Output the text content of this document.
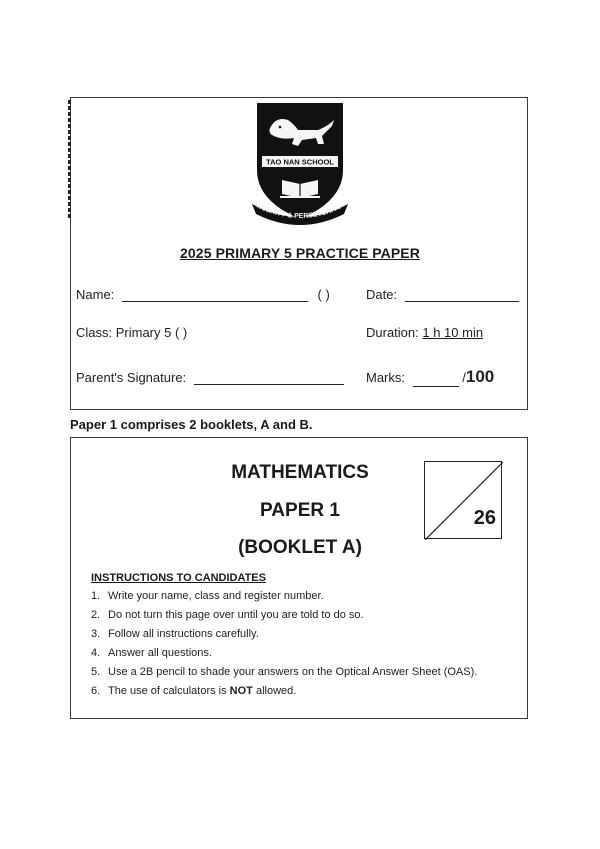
TAO NAN SCHOOL
NCERITY & PERSEVERAN
2025 PRIMARY 5 PRACTICE PAPER
Name:	( )	Date:
Class: Primary 5 ( )	Duration: 1 h 10 min
Parent's Signature:	Marks:	/100
Paper 1 comprises 2 booklets, A and B.
MATHEMATICS
PAPER 1
(BOOKLET A)
26
INSTRUCTIONS TO CANDIDATES
1. Write your name, class and register number.
2. Do not turn this page over until you are told to do so.
3. Follow all instructions carefully.
4. Answer all questions.
5. Use a 2B pencil to shade your answers on the Optical Answer Sheet (OAS).
6. The use of calculators is NOT allowed.
